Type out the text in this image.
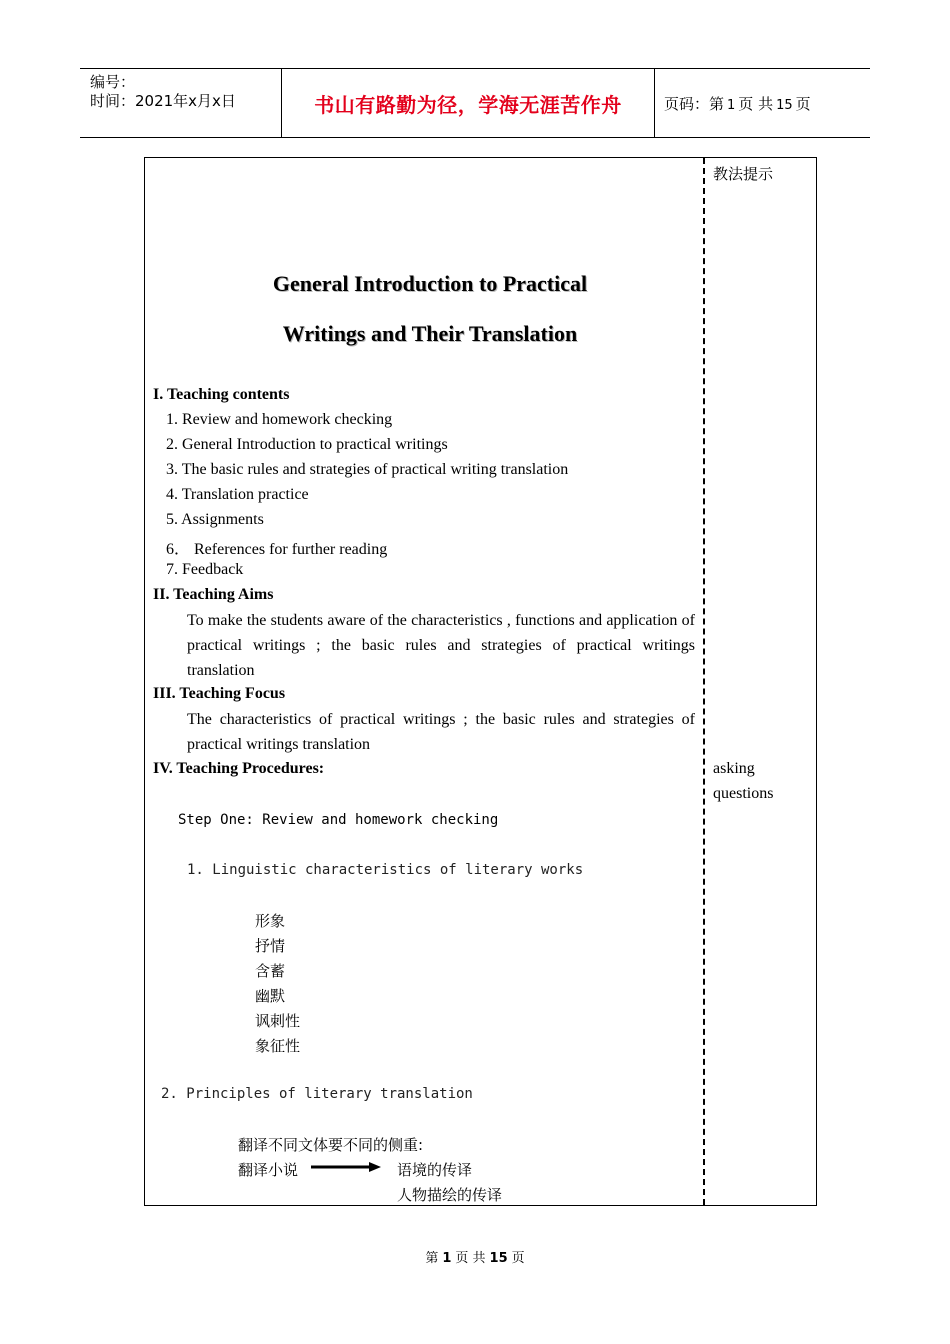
编号：
时间：2021年x月x日	书山有路勤为径，学海无涯苦作舟	页码：第 1 页 共 15 页
教法提示
asking
questions
General Introduction to Practical
Writings and Their Translation
I. Teaching contents
1. Review and homework checking
2. General Introduction to practical writings
3. The basic rules and strategies of practical writing translation
4. Translation practice
5. Assignments
6． References for further reading
7. Feedback
II. Teaching Aims
To make the students aware of the characteristics , functions and application of practical writings ; the basic rules and strategies of practical writings translation
III. Teaching Focus
The characteristics of practical writings ; the basic rules and strategies of practical writings translation
IV. Teaching Procedures:
Step One: Review and homework checking
1. Linguistic characteristics of literary works
形象
抒情
含蓄
幽默
讽刺性
象征性
2. Principles of literary translation
翻译不同文体要不同的侧重:
翻译小说	语境的传译
人物描绘的传译
第 1 页 共 15 页
